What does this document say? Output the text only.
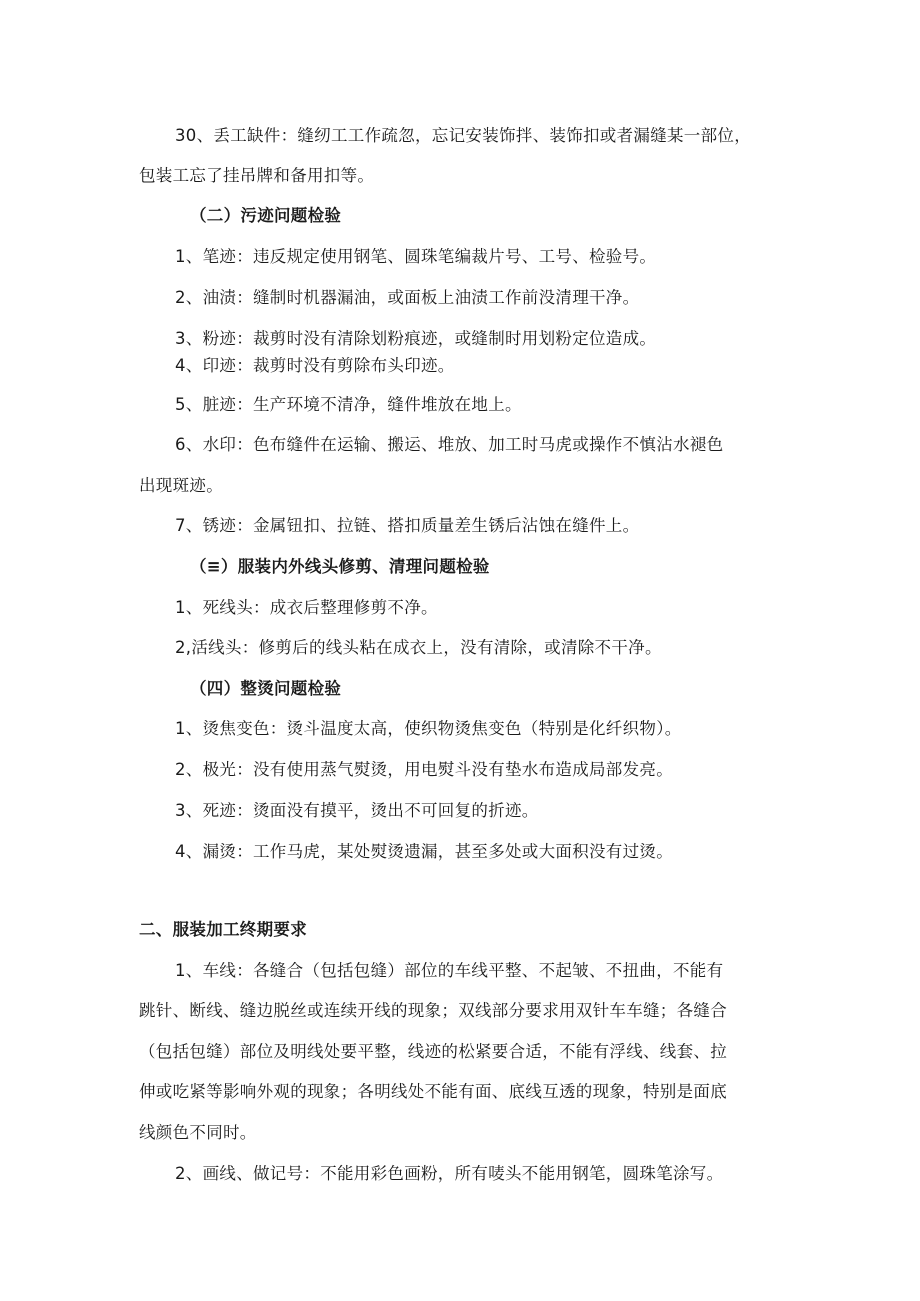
30、丢工缺件：缝纫工工作疏忽，忘记安装饰拌、装饰扣或者漏缝某一部位，
包装工忘了挂吊牌和备用扣等。
（二）污迹问题检验
1、笔迹：违反规定使用钢笔、圆珠笔编裁片号、工号、检验号。
2、油渍：缝制时机器漏油，或面板上油渍工作前没清理干净。
3、粉迹：裁剪时没有清除划粉痕迹，或缝制时用划粉定位造成。
4、印迹：裁剪时没有剪除布头印迹。
5、脏迹：生产环境不清净，缝件堆放在地上。
6、水印：色布缝件在运输、搬运、堆放、加工时马虎或操作不慎沾水褪色
出现斑迹。
7、锈迹：金属钮扣、拉链、搭扣质量差生锈后沾蚀在缝件上。
（≡）服装内外线头修剪、清理问题检验
1、死线头：成衣后整理修剪不净。
2,活线头：修剪后的线头粘在成衣上，没有清除，或清除不干净。
（四）整烫问题检验
1、烫焦变色：烫斗温度太高，使织物烫焦变色（特别是化纤织物）。
2、极光：没有使用蒸气熨烫，用电熨斗没有垫水布造成局部发亮。
3、死迹：烫面没有摸平，烫出不可回复的折迹。
4、漏烫：工作马虎，某处熨烫遗漏，甚至多处或大面积没有过烫。
二、服装加工终期要求
1、车线：各缝合（包括包缝）部位的车线平整、不起皱、不扭曲，不能有
跳针、断线、缝边脱丝或连续开线的现象；双线部分要求用双针车车缝；各缝合
（包括包缝）部位及明线处要平整，线迹的松紧要合适，不能有浮线、线套、拉
伸或吃紧等影响外观的现象；各明线处不能有面、底线互透的现象，特别是面底
线颜色不同时。
2、画线、做记号：不能用彩色画粉，所有唛头不能用钢笔，圆珠笔涂写。
